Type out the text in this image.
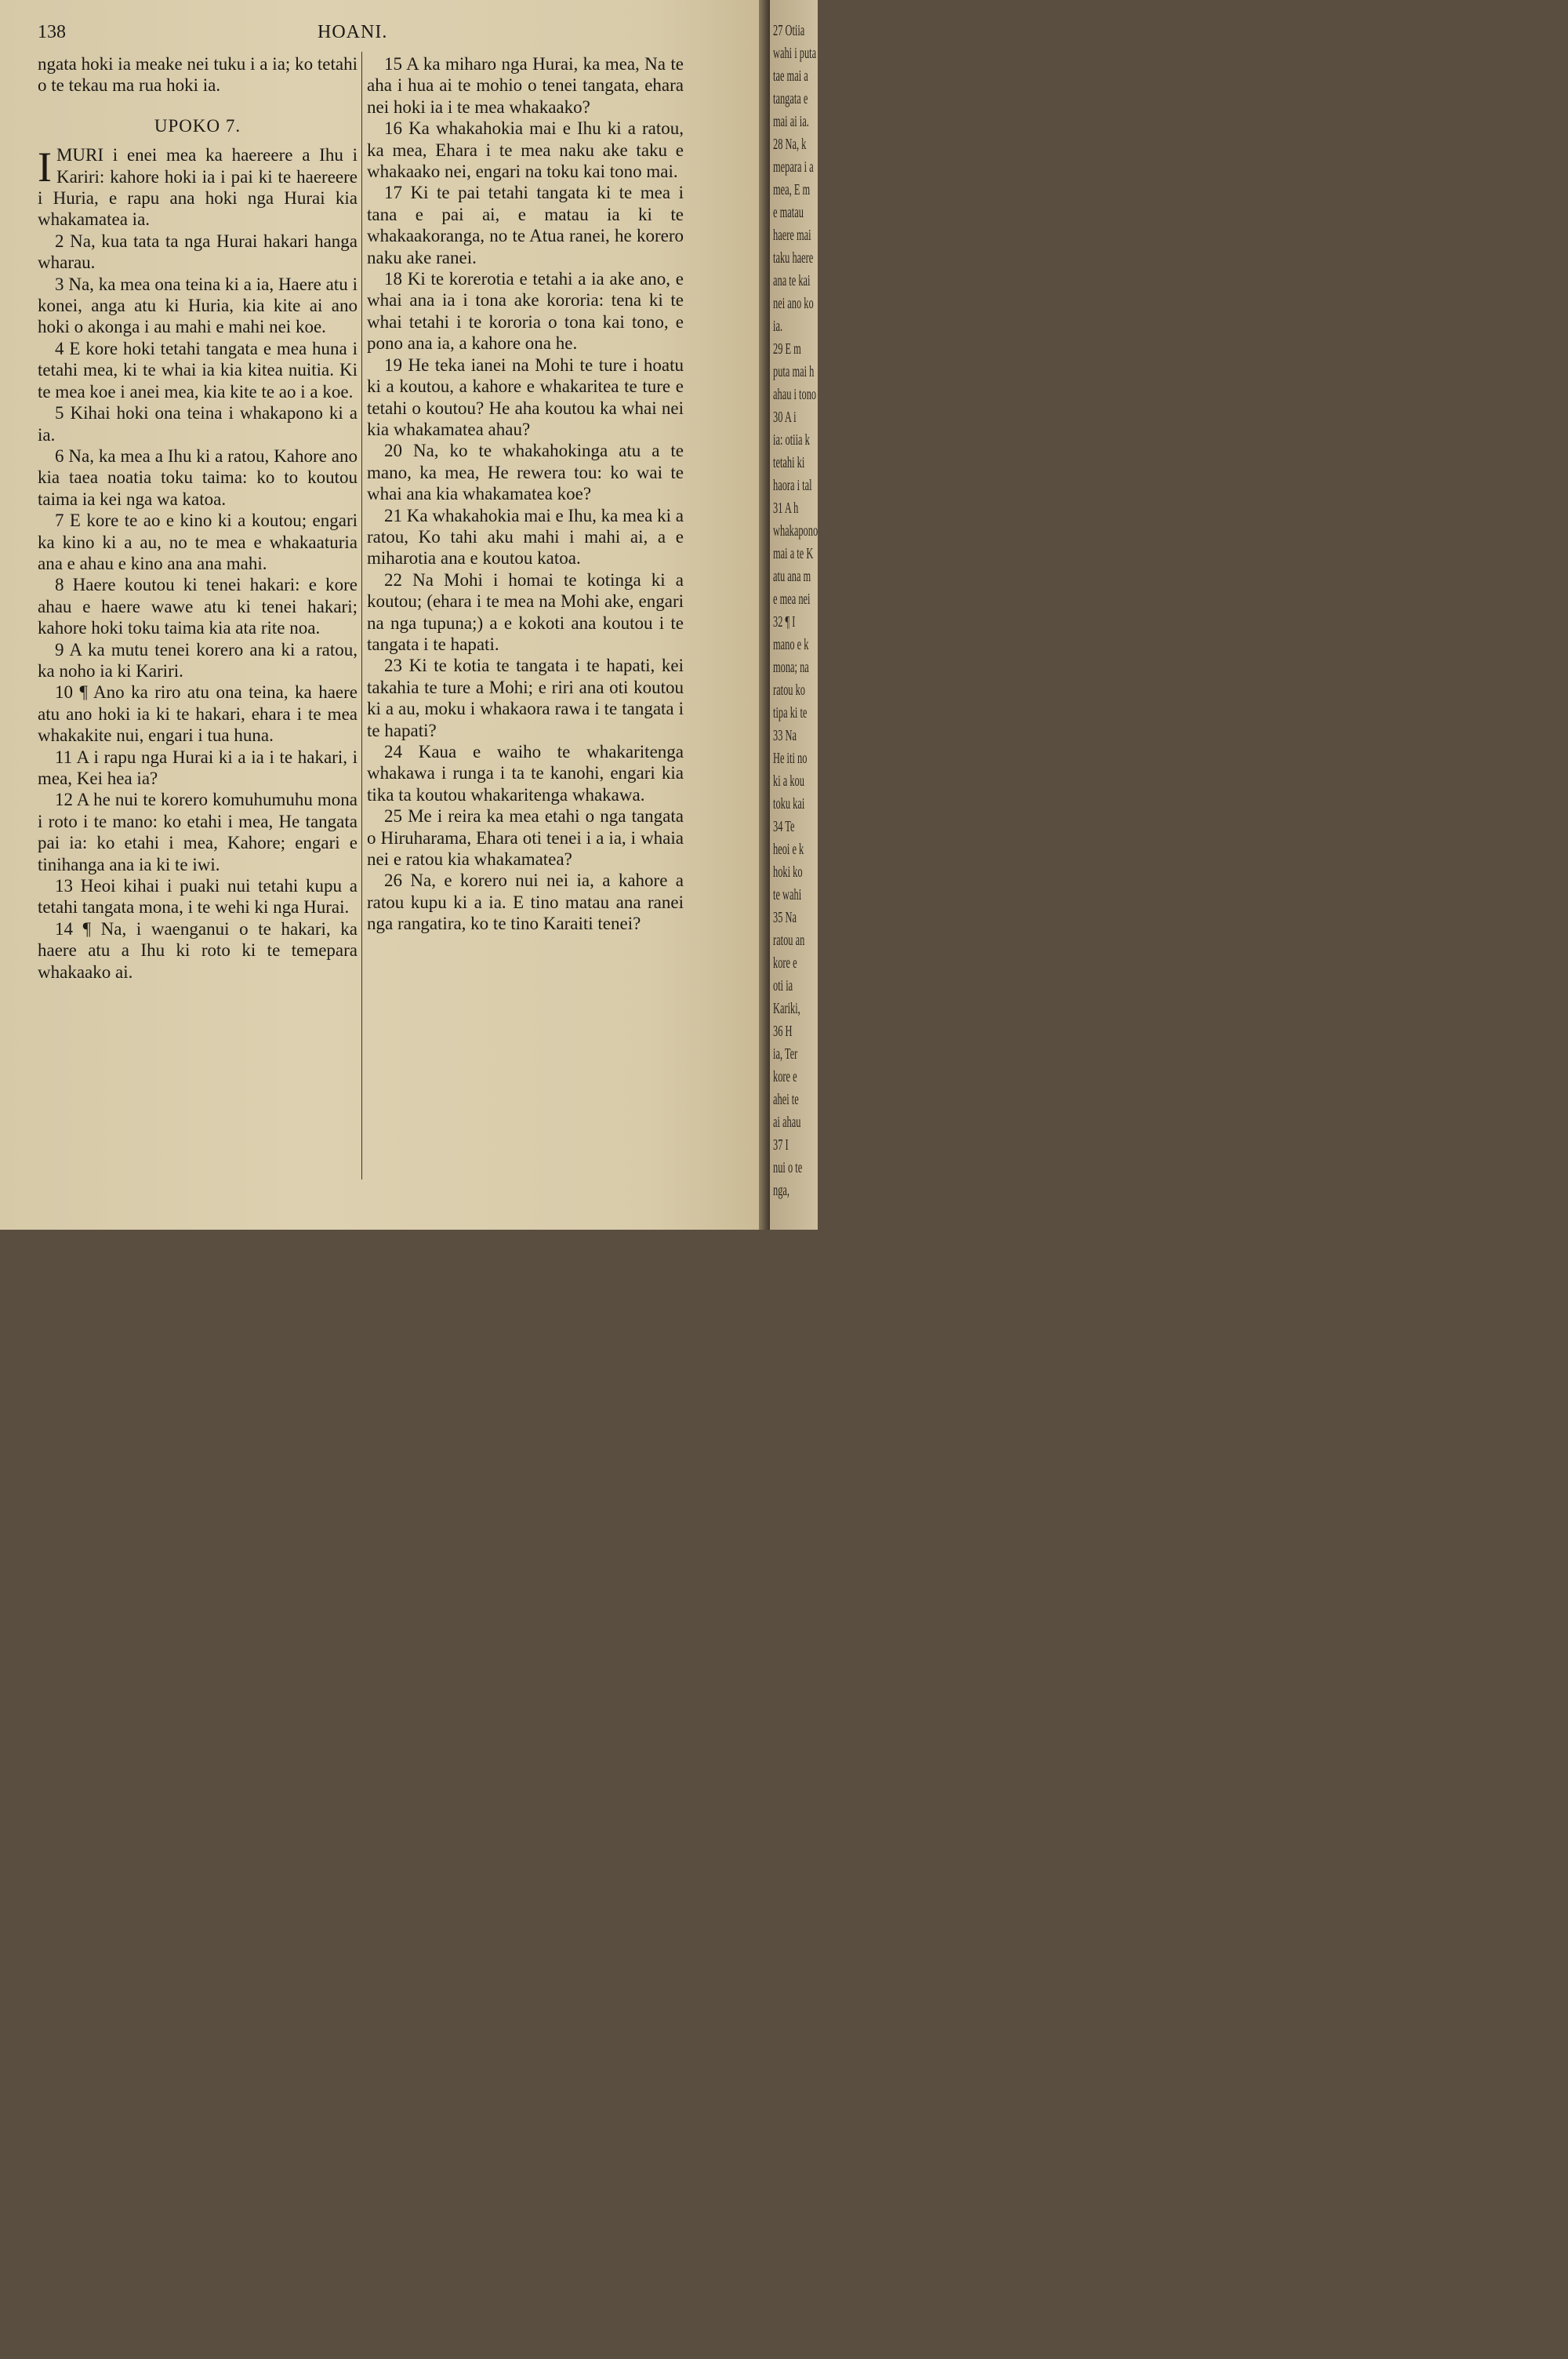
138	HOANI.

ngata hoki ia meake nei tuku i a ia; ko tetahi o te tekau ma rua hoki ia.

UPOKO 7.

IMURI i enei mea ka haereere a Ihu i Kariri: kahore hoki ia i pai ki te haereere i Huria, e rapu ana hoki nga Hurai kia whakamatea ia.

2 Na, kua tata ta nga Hurai hakari hanga wharau.

3 Na, ka mea ona teina ki a ia, Haere atu i konei, anga atu ki Huria, kia kite ai ano hoki o akonga i au mahi e mahi nei koe.

4 E kore hoki tetahi tangata e mea huna i tetahi mea, ki te whai ia kia kitea nuitia. Ki te mea koe i anei mea, kia kite te ao i a koe.

5 Kihai hoki ona teina i whakapono ki a ia.

6 Na, ka mea a Ihu ki a ratou, Kahore ano kia taea noatia toku taima: ko to koutou taima ia kei nga wa katoa.

7 E kore te ao e kino ki a koutou; engari ka kino ki a au, no te mea e whakaaturia ana e ahau e kino ana ana mahi.

8 Haere koutou ki tenei hakari: e kore ahau e haere wawe atu ki tenei hakari; kahore hoki toku taima kia ata rite noa.

9 A ka mutu tenei korero ana ki a ratou, ka noho ia ki Kariri.

10 ¶ Ano ka riro atu ona teina, ka haere atu ano hoki ia ki te hakari, ehara i te mea whakakite nui, engari i tua huna.

11 A i rapu nga Hurai ki a ia i te hakari, i mea, Kei hea ia?

12 A he nui te korero komuhumuhu mona i roto i te mano: ko etahi i mea, He tangata pai ia: ko etahi i mea, Kahore; engari e tinihanga ana ia ki te iwi.

13 Heoi kihai i puaki nui tetahi kupu a tetahi tangata mona, i te wehi ki nga Hurai.

14 ¶ Na, i waenganui o te hakari, ka haere atu a Ihu ki roto ki te temepara whakaako ai.

15 A ka miharo nga Hurai, ka mea, Na te aha i hua ai te mohio o tenei tangata, ehara nei hoki ia i te mea whakaako?

16 Ka whakahokia mai e Ihu ki a ratou, ka mea, Ehara i te mea naku ake taku e whakaako nei, engari na toku kai tono mai.

17 Ki te pai tetahi tangata ki te mea i tana e pai ai, e matau ia ki te whakaakoranga, no te Atua ranei, he korero naku ake ranei.

18 Ki te korerotia e tetahi a ia ake ano, e whai ana ia i tona ake kororia: tena ki te whai tetahi i te kororia o tona kai tono, e pono ana ia, a kahore ona he.

19 He teka ianei na Mohi te ture i hoatu ki a koutou, a kahore e whakaritea te ture e tetahi o koutou? He aha koutou ka whai nei kia whakamatea ahau?

20 Na, ko te whakahokinga atu a te mano, ka mea, He rewera tou: ko wai te whai ana kia whakamatea koe?

21 Ka whakahokia mai e Ihu, ka mea ki a ratou, Ko tahi aku mahi i mahi ai, a e miharotia ana e koutou katoa.

22 Na Mohi i homai te kotinga ki a koutou; (ehara i te mea na Mohi ake, engari na nga tupuna;) a e kokoti ana koutou i te tangata i te hapati.

23 Ki te kotia te tangata i te hapati, kei takahia te ture a Mohi; e riri ana oti koutou ki a au, moku i whakaora rawa i te tangata i te hapati?

24 Kaua e waiho te whakaritenga whakawa i runga i ta te kanohi, engari kia tika ta koutou whakaritenga whakawa.

25 Me i reira ka mea etahi o nga tangata o Hiruharama, Ehara oti tenei i a ia, i whaia nei e ratou kia whakamatea?

26 Na, e korero nui nei ia, a kahore a ratou kupu ki a ia. E tino matau ana ranei nga rangatira, ko te tino Karaiti tenei?

27 Otiia
wahi i puta
tae mai a
tangata e
mai ai ia.
28 Na, k
mepara i a
mea, E m
e matau
haere mai
taku haere
ana te kai
nei ano ko
ia.
29 E m
puta mai h
ahau i tono
30 A i
ia: otiia k
tetahi ki
haora i tal
31 A h
whakapono
mai a te K
atu ana m
e mea nei
32 ¶ I
mano e k
mona; na
ratou ko
tipa ki te
33 Na
He iti no
ki a kou
toku kai
34 Te
heoi e k
hoki ko
te wahi
35 Na
ratou an
kore e
oti ia
Kariki,
36 H
ia, Ter
kore e
ahei te
ai ahau
37 I
nui o te
nga,
